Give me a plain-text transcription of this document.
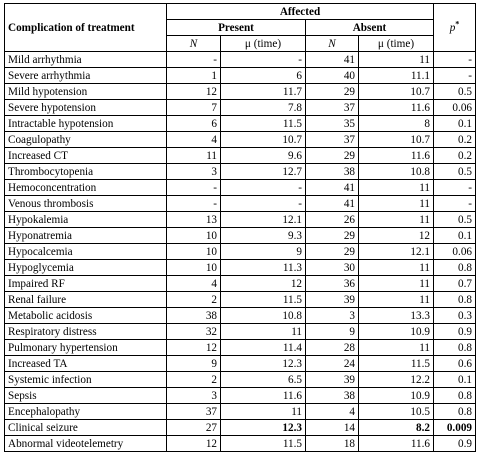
Complication of treatment	Affected				p*
	Present		Absent		
	N	μ (time)	N	μ (time)	
Mild arrhythmia	-	-	41	11	-
Severe arrhythmia	1	6	40	11.1	-
Mild hypotension	12	11.7	29	10.7	0.5
Severe hypotension	7	7.8	37	11.6	0.06
Intractable hypotension	6	11.5	35	8	0.1
Coagulopathy	4	10.7	37	10.7	0.2
Increased CT	11	9.6	29	11.6	0.2
Thrombocytopenia	3	12.7	38	10.8	0.5
Hemoconcentration	-	-	41	11	-
Venous thrombosis	-	-	41	11	-
Hypokalemia	13	12.1	26	11	0.5
Hyponatremia	10	9.3	29	12	0.1
Hypocalcemia	10	9	29	12.1	0.06
Hypoglycemia	10	11.3	30	11	0.8
Impaired RF	4	12	36	11	0.7
Renal failure	2	11.5	39	11	0.8
Metabolic acidosis	38	10.8	3	13.3	0.3
Respiratory distress	32	11	9	10.9	0.9
Pulmonary hypertension	12	11.4	28	11	0.8
Increased TA	9	12.3	24	11.5	0.6
Systemic infection	2	6.5	39	12.2	0.1
Sepsis	3	11.6	38	10.9	0.8
Encephalopathy	37	11	4	10.5	0.8
Clinical seizure	27	12.3	14	8.2	0.009
Abnormal videotelemetry	12	11.5	18	11.6	0.9
